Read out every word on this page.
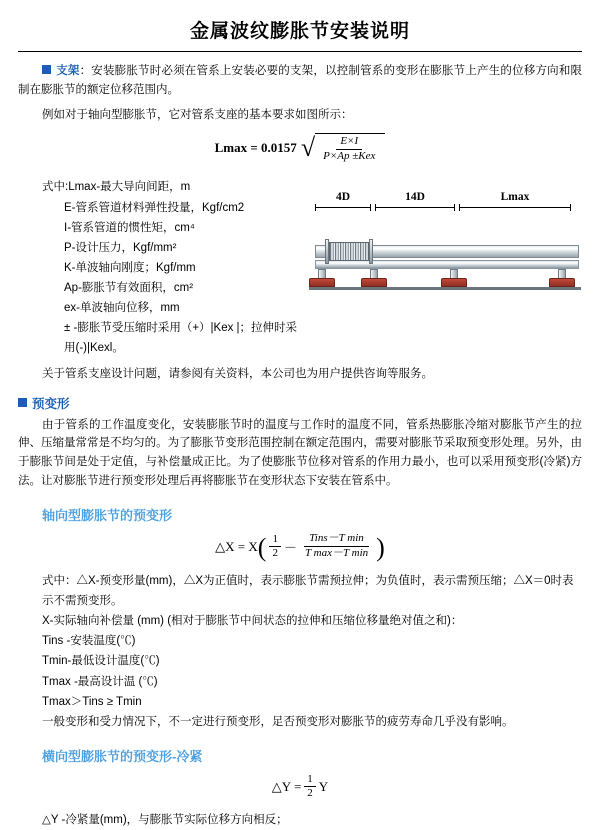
金属波纹膨胀节安装说明

支架：安装膨胀节时必须在管系上安装必要的支架，以控制管系的变形在膨胀节上产生的位移方向和限制在膨胀节的额定位移范围内。

例如对于轴向型膨胀节，它对管系支座的基本要求如图所示：

Lmax = 0.0157 √ $\frac{E\times I}{\text{P×Ap ±Kex}}$
式中:Lmax-最大导向间距，m
E-管系管道材料弹性投量，Kgf/cm2
I-管系管道的惯性矩，cm⁴
P-设计压力，Kgf/mm²
K-单波轴向刚度；Kgf/mm
Ap-膨胀节有效面积，cm²
ex-单波轴向位移，mm
± -膨胀节受压缩时采用（+）|Kex |；拉伸时采用(-)|Kexl。
4D	14D	Lmax

关于管系支座设计问题，请参阅有关资料，本公司也为用户提供咨询等服务。

预变形

由于管系的工作温度变化，安装膨胀节时的温度与工作时的温度不同，管系热膨胀冷缩对膨胀节产生的拉伸、压缩量常常是不均匀的。为了膨胀节变形范围控制在额定范围内，需要对膨胀节采取预变形处理。另外，由于膨胀节间是处于定值，与补偿量成正比。为了使膨胀节位移对管系的作用力最小，也可以采用预变形(冷紧)方法。让对膨胀节进行预变形处理后再将膨胀节在变形状态下安装在管系中。

轴向型膨胀节的预变形
△X = X ( $\frac{1}{2} - \frac{\text{Tins－T min}}{\text{T max－T min}}$ )
式中：△X-预变形量(mm)，△X为正值时，表示膨胀节需预拉伸；为负值时，表示需预压缩；△X＝0时表示不需预变形。
X-实际轴向补偿量 (mm) (相对于膨胀节中间状态的拉伸和压缩位移量绝对值之和)：
Tins -安装温度(℃)
Tmin-最低设计温度(℃)
Tmax -最高设计温 (℃)
Tmax＞Tins ≥ Tmin
一般变形和受力情况下，不一定进行预变形，足否预变形对膨胀节的疲劳寿命几乎没有影响。
横向型膨胀节的预变形-冷紧
△Y = $\frac{1}{2}$ Y
△Y -冷紧量(mm)，与膨胀节实际位移方向相反；
